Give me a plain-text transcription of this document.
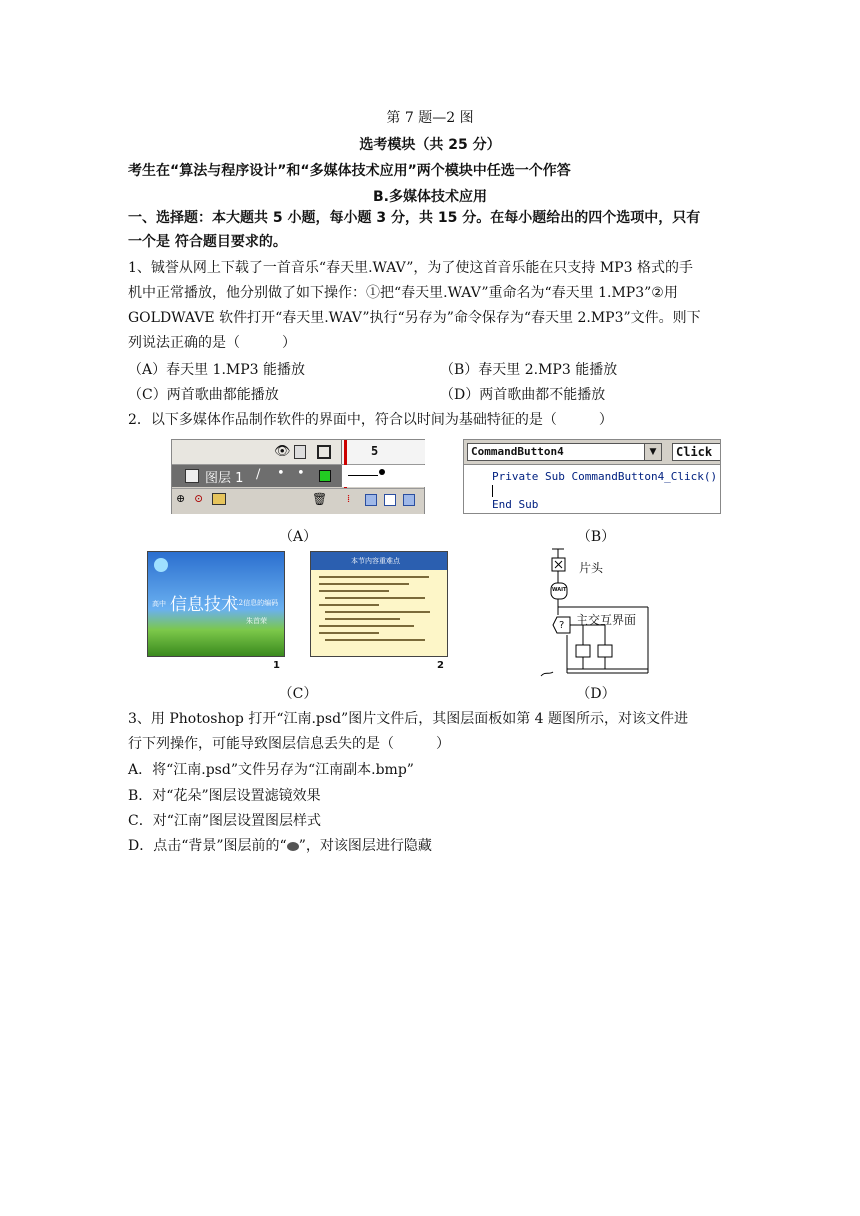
第 7 题—2 图
选考模块（共 25 分）
考生在“算法与程序设计”和“多媒体技术应用”两个模块中任选一个作答
B.多媒体技术应用
一、选择题：本大题共 5 小题，每小题 3 分，共 15 分。在每小题给出的四个选项中，只有
一个是 符合题目要求的。
1、铖誉从网上下载了一首音乐“春天里.WAV”，为了使这首音乐能在只支持 MP3 格式的手
机中正常播放，他分别做了如下操作：①把“春天里.WAV”重命名为“春天里 1.MP3”②用
GOLDWAVE 软件打开“春天里.WAV”执行“另存为”命令保存为“春天里 2.MP3”文件。则下
列说法正确的是（　　　）
（A）春天里 1.MP3 能播放	（B）春天里 2.MP3 能播放
（C）两首歌曲都能播放	（D）两首歌曲都不能播放
2．以下多媒体作品制作软件的界面中，符合以时间为基础特征的是（　　　）
👁	5
图层 1 / • •
⊕ ⊙	🗑 ⁞
CommandButton4	▼	Click
Private Sub CommandButton4_Click()
End Sub
（A）	（B）
高中 信息技术
1.2信息的编码
朱首荣
1
本节内容重难点
2
WAIT
?
片头
主交互界面
（C）	（D）
3、用 Photoshop 打开“江南.psd”图片文件后，其图层面板如第 4 题图所示，对该文件进
行下列操作，可能导致图层信息丢失的是（　　　）
A．将“江南.psd”文件另存为“江南副本.bmp”
B．对“花朵”图层设置滤镜效果
C．对“江南”图层设置图层样式
D．点击“背景”图层前的“ ”，对该图层进行隐藏
